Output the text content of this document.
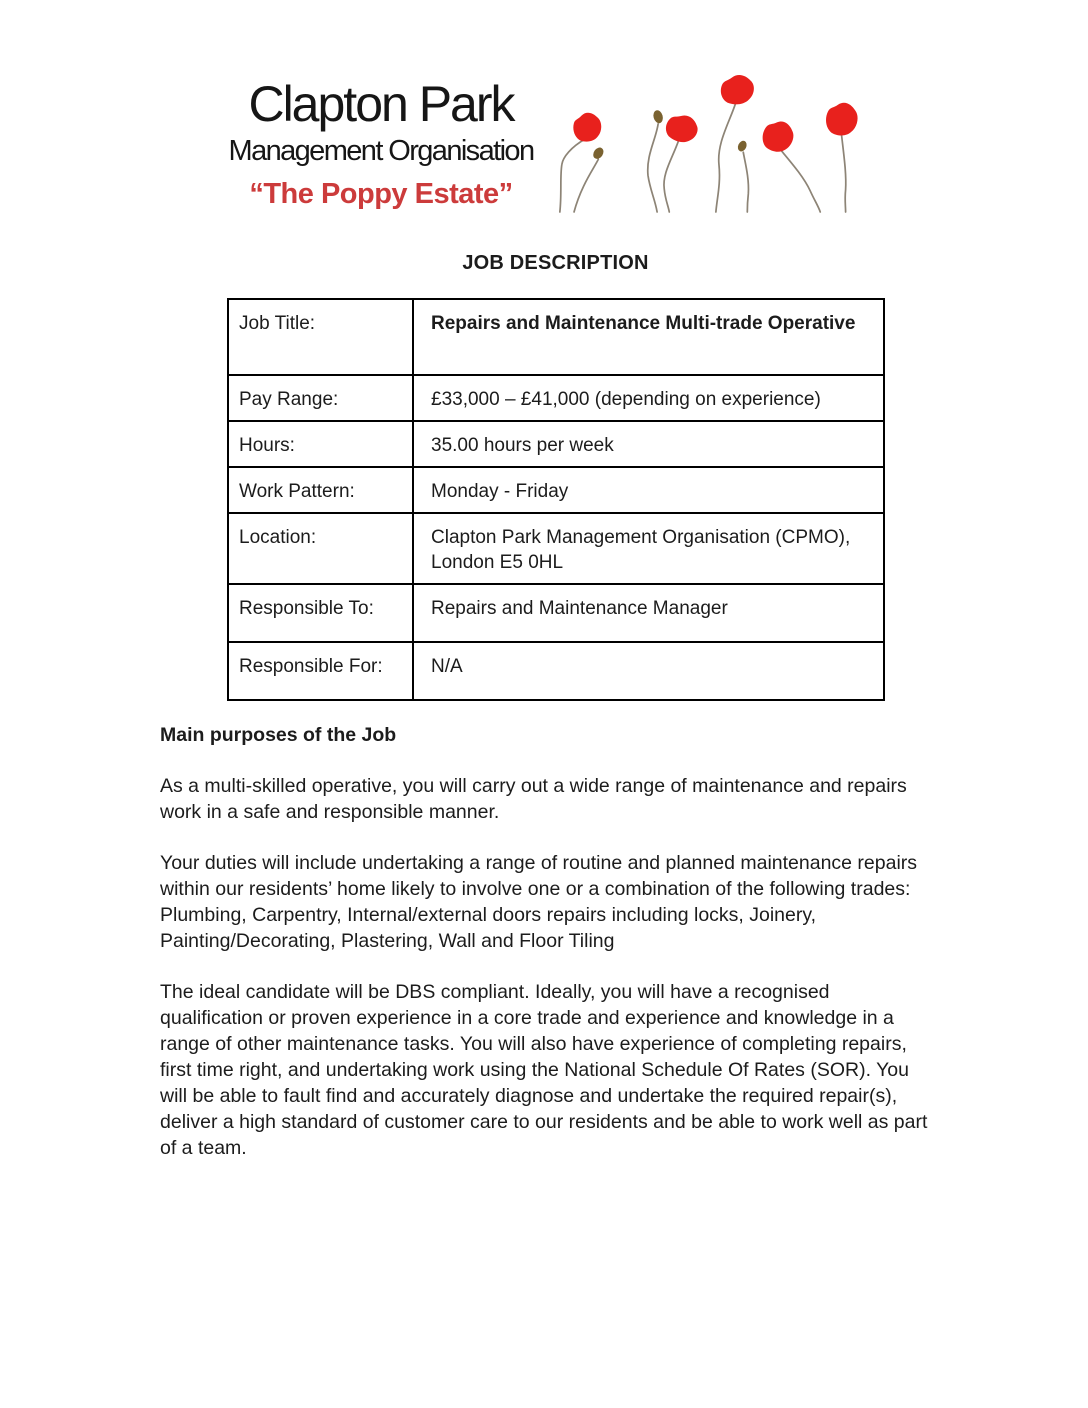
Clapton Park
Management Organisation
“The Poppy Estate”
JOB DESCRIPTION
Job Title:	Repairs and Maintenance Multi-trade Operative
Pay Range:	£33,000 – £41,000 (depending on experience)
Hours:	35.00 hours per week
Work Pattern:	Monday - Friday
Location:	Clapton Park Management Organisation (CPMO), London E5 0HL
Responsible To:	Repairs and Maintenance Manager
Responsible For:	N/A
Main purposes of the Job

As a multi-skilled operative, you will carry out a wide range of maintenance and repairs work in a safe and responsible manner.

Your duties will include undertaking a range of routine and planned maintenance repairs within our residents’ home likely to involve one or a combination of the following trades: Plumbing, Carpentry, Internal/external doors repairs including locks, Joinery, Painting/Decorating, Plastering, Wall and Floor Tiling

The ideal candidate will be DBS compliant. Ideally, you will have a recognised qualification or proven experience in a core trade and experience and knowledge in a range of other maintenance tasks. You will also have experience of completing repairs, first time right, and undertaking work using the National Schedule Of Rates (SOR). You will be able to fault find and accurately diagnose and undertake the required repair(s), deliver a high standard of customer care to our residents and be able to work well as part of a team.
